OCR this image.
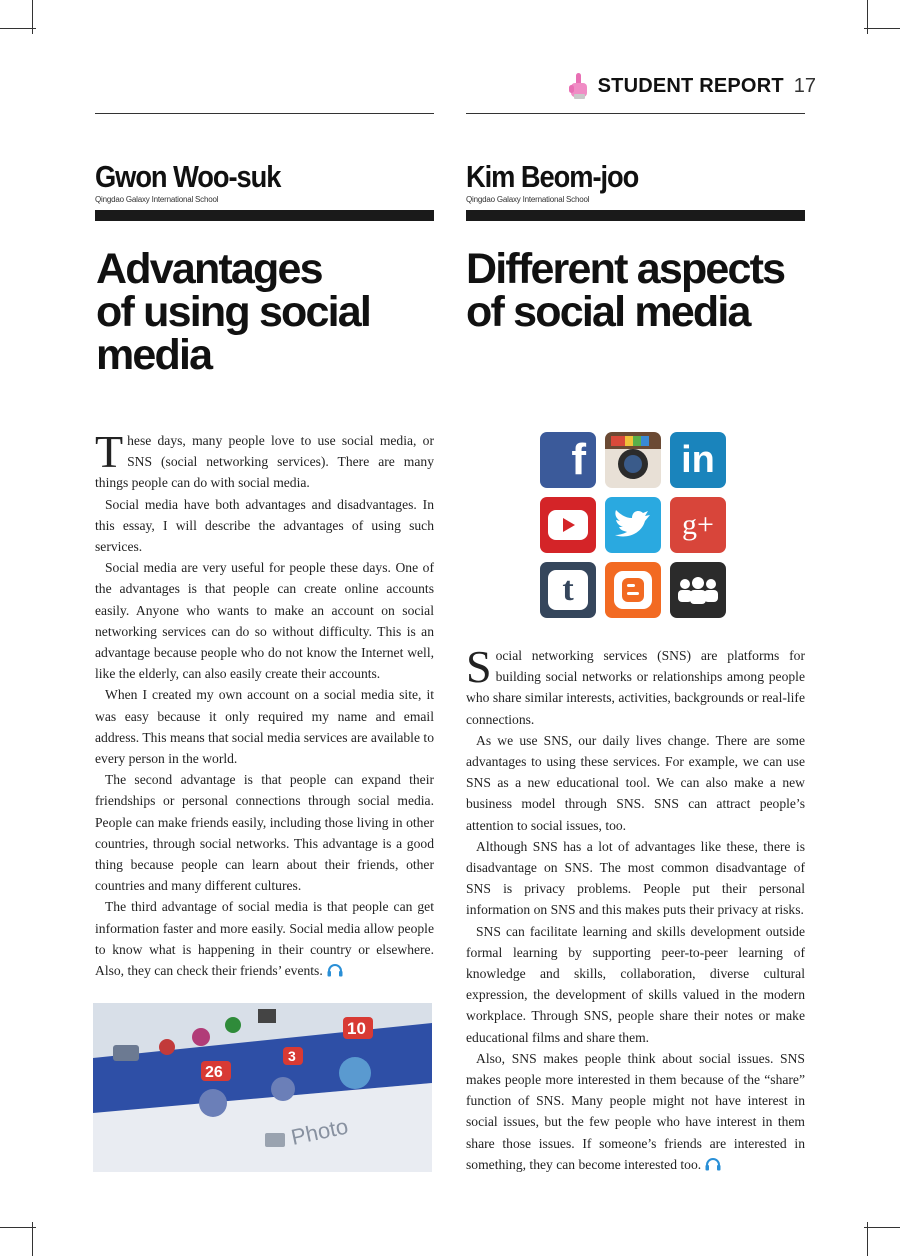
STUDENT REPORT 17
Gwon Woo-suk
Qingdao Galaxy International School
Advantages
of using social
media
Kim Beom-joo
Qingdao Galaxy International School
Different aspects
of social media

These days, many people love to use social media, or SNS (social networking services). There are many things people can do with social media.

Social media have both advantages and disadvantages. In this essay, I will describe the advantages of using such services.

Social media are very useful for people these days. One of the advantages is that people can create online accounts easily. Anyone who wants to make an account on social networking services can do so without difficulty. This is an advantage because people who do not know the Internet well, like the elderly, can also easily create their accounts.

When I created my own account on a social media site, it was easy because it only required my name and email address. This means that social media services are available to every person in the world.

The second advantage is that people can expand their friendships or personal connections through social media. People can make friends easily, including those living in other countries, through social networks. This advantage is a good thing because people can learn about their friends, other countries and many different cultures.

The third advantage of social media is that people can get information faster and more easily. Social media allow people to know what is happening in their country or elsewhere. Also, they can check their friends’ events.

26
3
10
Photo
f	in
g+
t

Social networking services (SNS) are platforms for building social networks or relationships among people who share similar interests, activities, backgrounds or real-life connections.

As we use SNS, our daily lives change. There are some advantages to using these services. For example, we can use SNS as a new educational tool. We can also make a new business model through SNS. SNS can attract people’s attention to social issues, too.

Although SNS has a lot of advantages like these, there is disadvantage on SNS. The most common disadvantage of SNS is privacy problems. People put their personal information on SNS and this makes puts their privacy at risks.

SNS can facilitate learning and skills development outside formal learning by supporting peer-to-peer learning of knowledge and skills, collaboration, diverse cultural expression, the development of skills valued in the modern workplace. Through SNS, people share their notes or make educational films and share them.

Also, SNS makes people think about social issues. SNS makes people more interested in them because of the “share” function of SNS. Many people might not have interest in social issues, but the few people who have interest in them share those issues. If someone’s friends are interested in something, they can become interested too.
